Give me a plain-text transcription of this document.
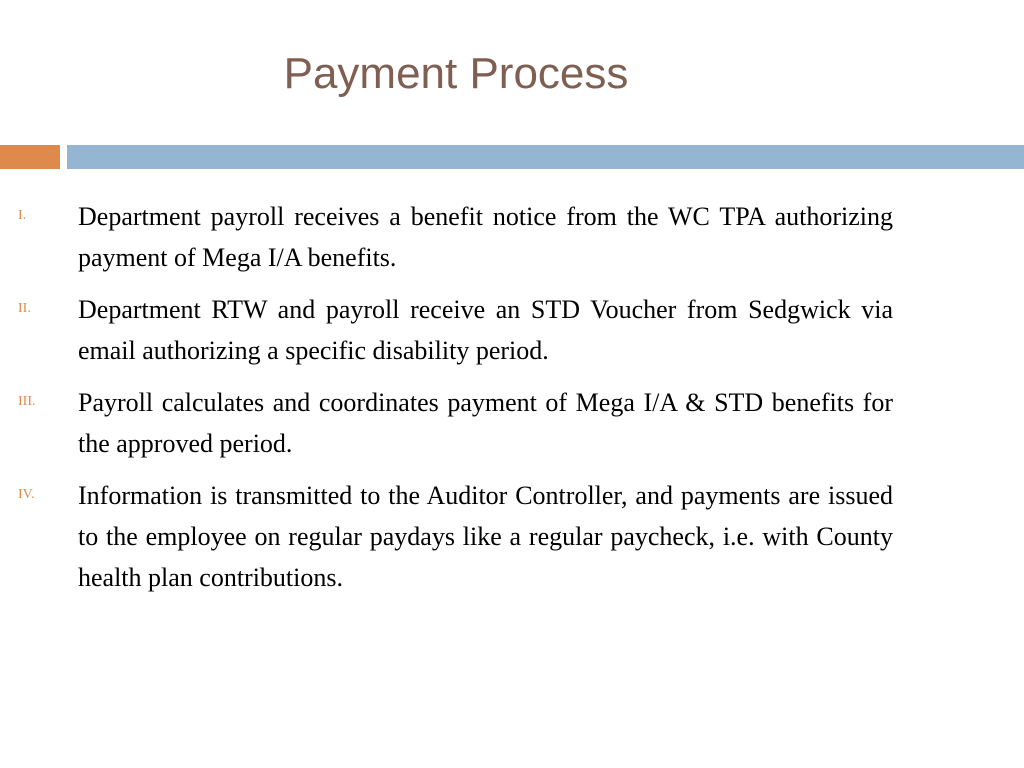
Payment Process
I. Department payroll receives a benefit notice from the WC TPA authorizing payment of Mega I/A benefits.
II. Department RTW and payroll receive an STD Voucher from Sedgwick via email authorizing a specific disability period.
III. Payroll calculates and coordinates payment of Mega I/A & STD benefits for the approved period.
IV. Information is transmitted to the Auditor Controller, and payments are issued to the employee on regular paydays like a regular paycheck, i.e. with County health plan contributions.
